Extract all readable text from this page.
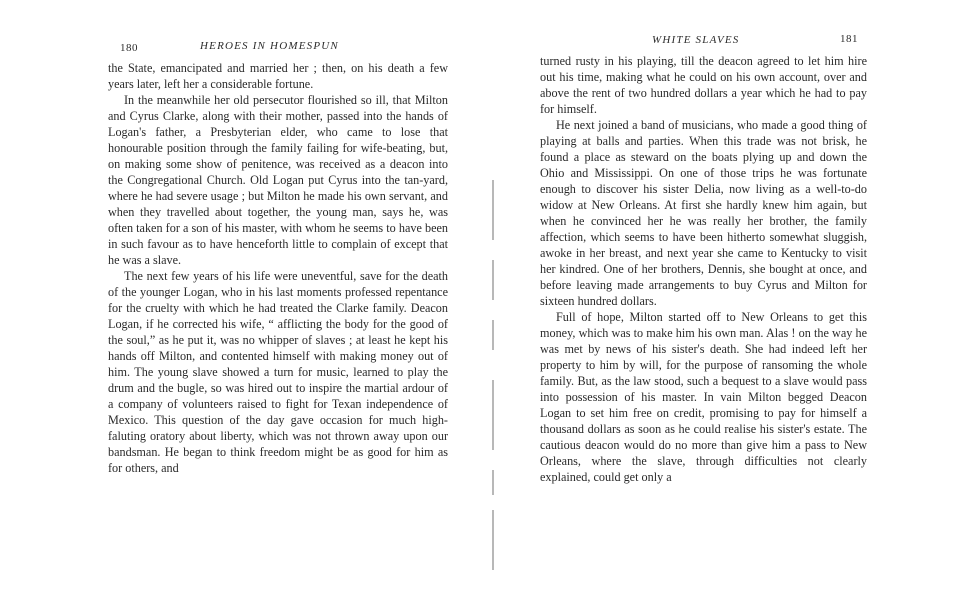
180	HEROES IN HOMESPUN

the State, emancipated and married her ; then, on his death a few years later, left her a considerable fortune.

In the meanwhile her old persecutor flourished so ill, that Milton and Cyrus Clarke, along with their mother, passed into the hands of Logan's father, a Presbyterian elder, who came to lose that honourable position through the family failing for wife-beating, but, on making some show of penitence, was received as a deacon into the Congregational Church. Old Logan put Cyrus into the tan-yard, where he had severe usage ; but Milton he made his own servant, and when they travelled about together, the young man, says he, was often taken for a son of his master, with whom he seems to have been in such favour as to have henceforth little to complain of except that he was a slave.

The next few years of his life were uneventful, save for the death of the younger Logan, who in his last moments professed repentance for the cruelty with which he had treated the Clarke family. Deacon Logan, if he corrected his wife, “ afflicting the body for the good of the soul,” as he put it, was no whipper of slaves ; at least he kept his hands off Milton, and contented himself with making money out of him. The young slave showed a turn for music, learned to play the drum and the bugle, so was hired out to inspire the martial ardour of a company of volunteers raised to fight for Texan independence of Mexico. This question of the day gave occasion for much high-faluting oratory about liberty, which was not thrown away upon our bandsman. He began to think freedom might be as good for him as for others, and

WHITE SLAVES	181

turned rusty in his playing, till the deacon agreed to let him hire out his time, making what he could on his own account, over and above the rent of two hundred dollars a year which he had to pay for himself.

He next joined a band of musicians, who made a good thing of playing at balls and parties. When this trade was not brisk, he found a place as steward on the boats plying up and down the Ohio and Mississippi. On one of those trips he was fortunate enough to discover his sister Delia, now living as a well-to-do widow at New Orleans. At first she hardly knew him again, but when he convinced her he was really her brother, the family affection, which seems to have been hitherto somewhat sluggish, awoke in her breast, and next year she came to Kentucky to visit her kindred. One of her brothers, Dennis, she bought at once, and before leaving made arrangements to buy Cyrus and Milton for sixteen hundred dollars.

Full of hope, Milton started off to New Orleans to get this money, which was to make him his own man. Alas ! on the way he was met by news of his sister's death. She had indeed left her property to him by will, for the purpose of ransoming the whole family. But, as the law stood, such a bequest to a slave would pass into possession of his master. In vain Milton begged Deacon Logan to set him free on credit, promising to pay for himself a thousand dollars as soon as he could realise his sister's estate. The cautious deacon would do no more than give him a pass to New Orleans, where the slave, through difficulties not clearly explained, could get only a
